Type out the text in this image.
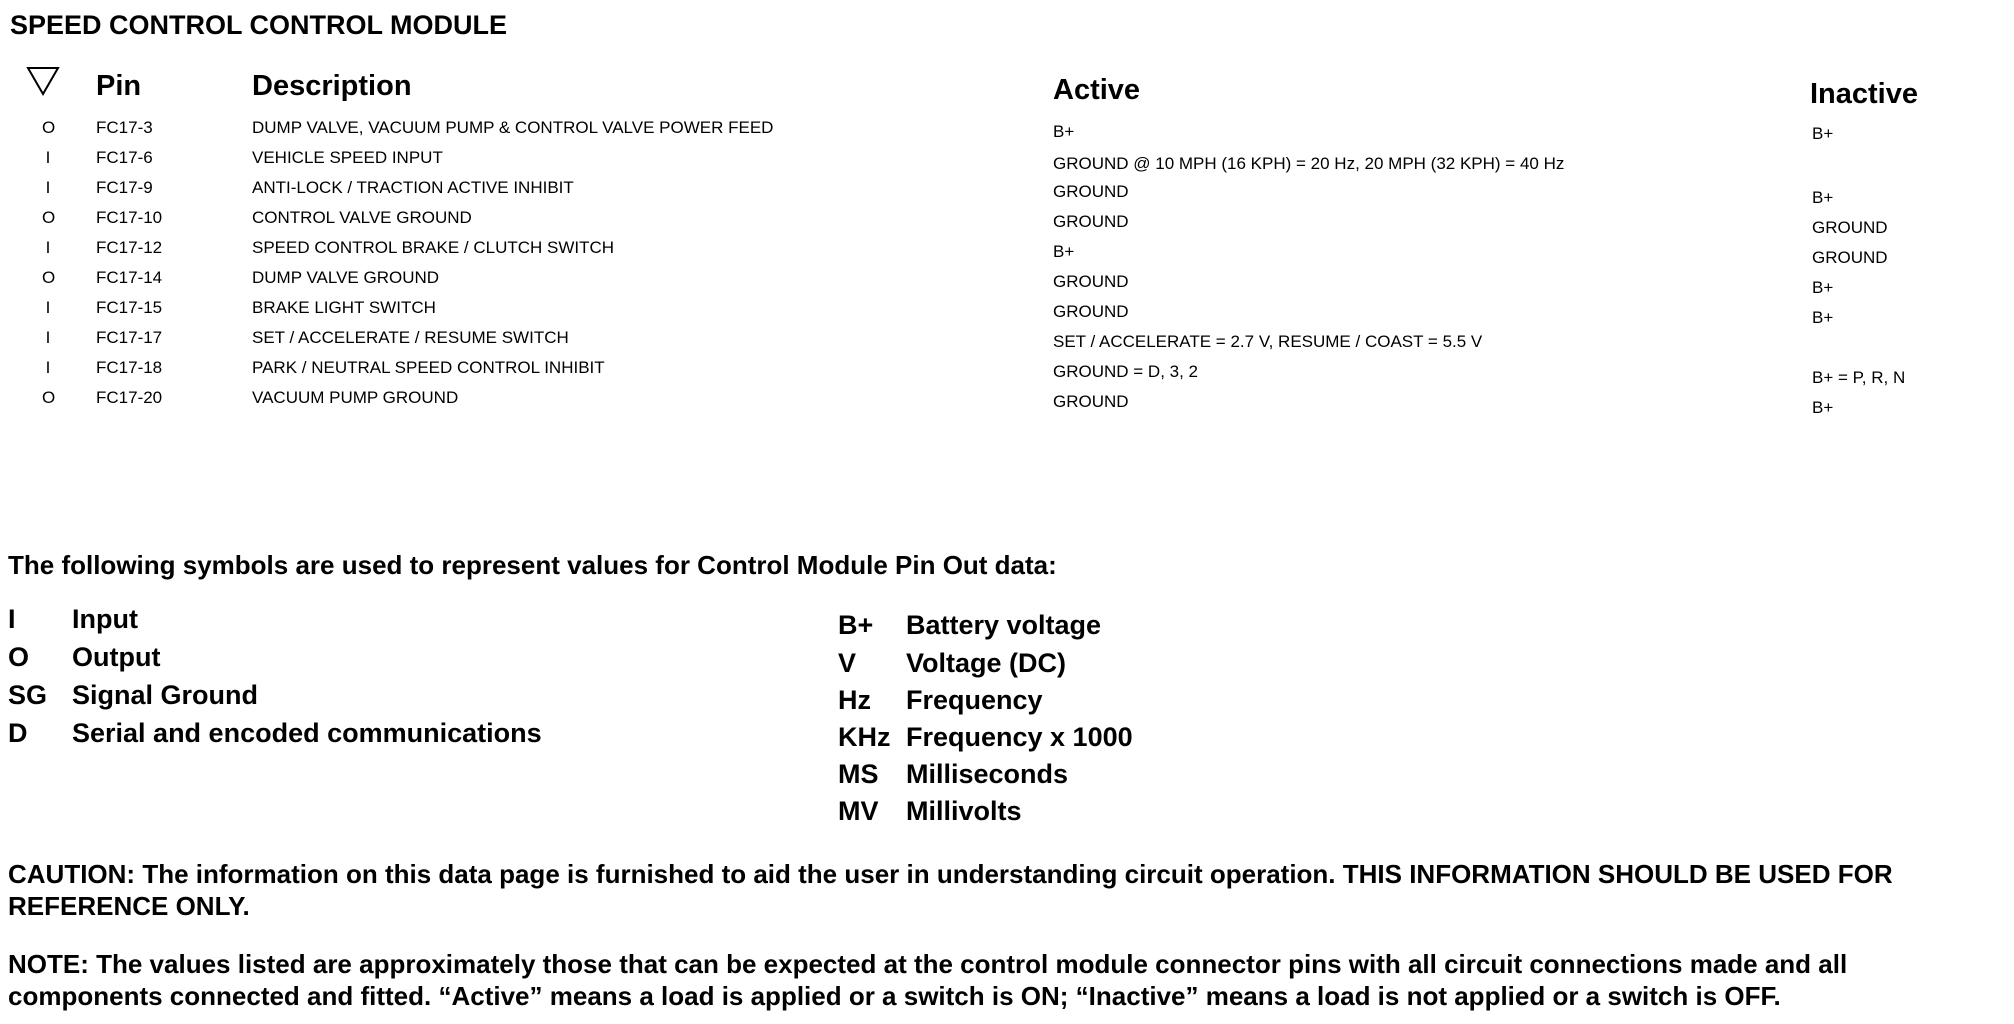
SPEED CONTROL CONTROL MODULE
Pin	Description	Active	Inactive
O FC17-3	DUMP VALVE, VACUUM PUMP & CONTROL VALVE POWER FEED	B+	B+
I	FC17-6	VEHICLE SPEED INPUT	GROUND @ 10 MPH (16 KPH) = 20 Hz, 20 MPH (32 KPH) = 40 Hz
I	FC17-9	ANTI-LOCK / TRACTION ACTIVE INHIBIT	GROUND	B+
O FC17-10	CONTROL VALVE GROUND	GROUND	GROUND
I	FC17-12	SPEED CONTROL BRAKE / CLUTCH SWITCH	B+	GROUND
O FC17-14	DUMP VALVE GROUND	GROUND	B+
I	FC17-15	BRAKE LIGHT SWITCH	GROUND	B+
I	FC17-17	SET / ACCELERATE / RESUME SWITCH	SET / ACCELERATE = 2.7 V, RESUME / COAST = 5.5 V
I	FC17-18	PARK / NEUTRAL SPEED CONTROL INHIBIT	GROUND = D, 3, 2	B+ = P, R, N
O FC17-20	VACUUM PUMP GROUND	GROUND	B+
The following symbols are used to represent values for Control Module Pin Out data:
I Input
O Output
SG Signal Ground
D Serial and encoded communications
B+ Battery voltage
V Voltage (DC)
Hz Frequency
KHz Frequency x 1000
MS Milliseconds
MV Millivolts
CAUTION: The information on this data page is furnished to aid the user in understanding circuit operation. THIS INFORMATION SHOULD BE USED FOR REFERENCE ONLY.
NOTE: The values listed are approximately those that can be expected at the control module connector pins with all circuit connections made and all components connected and fitted. “Active” means a load is applied or a switch is ON; “Inactive” means a load is not applied or a switch is OFF.
